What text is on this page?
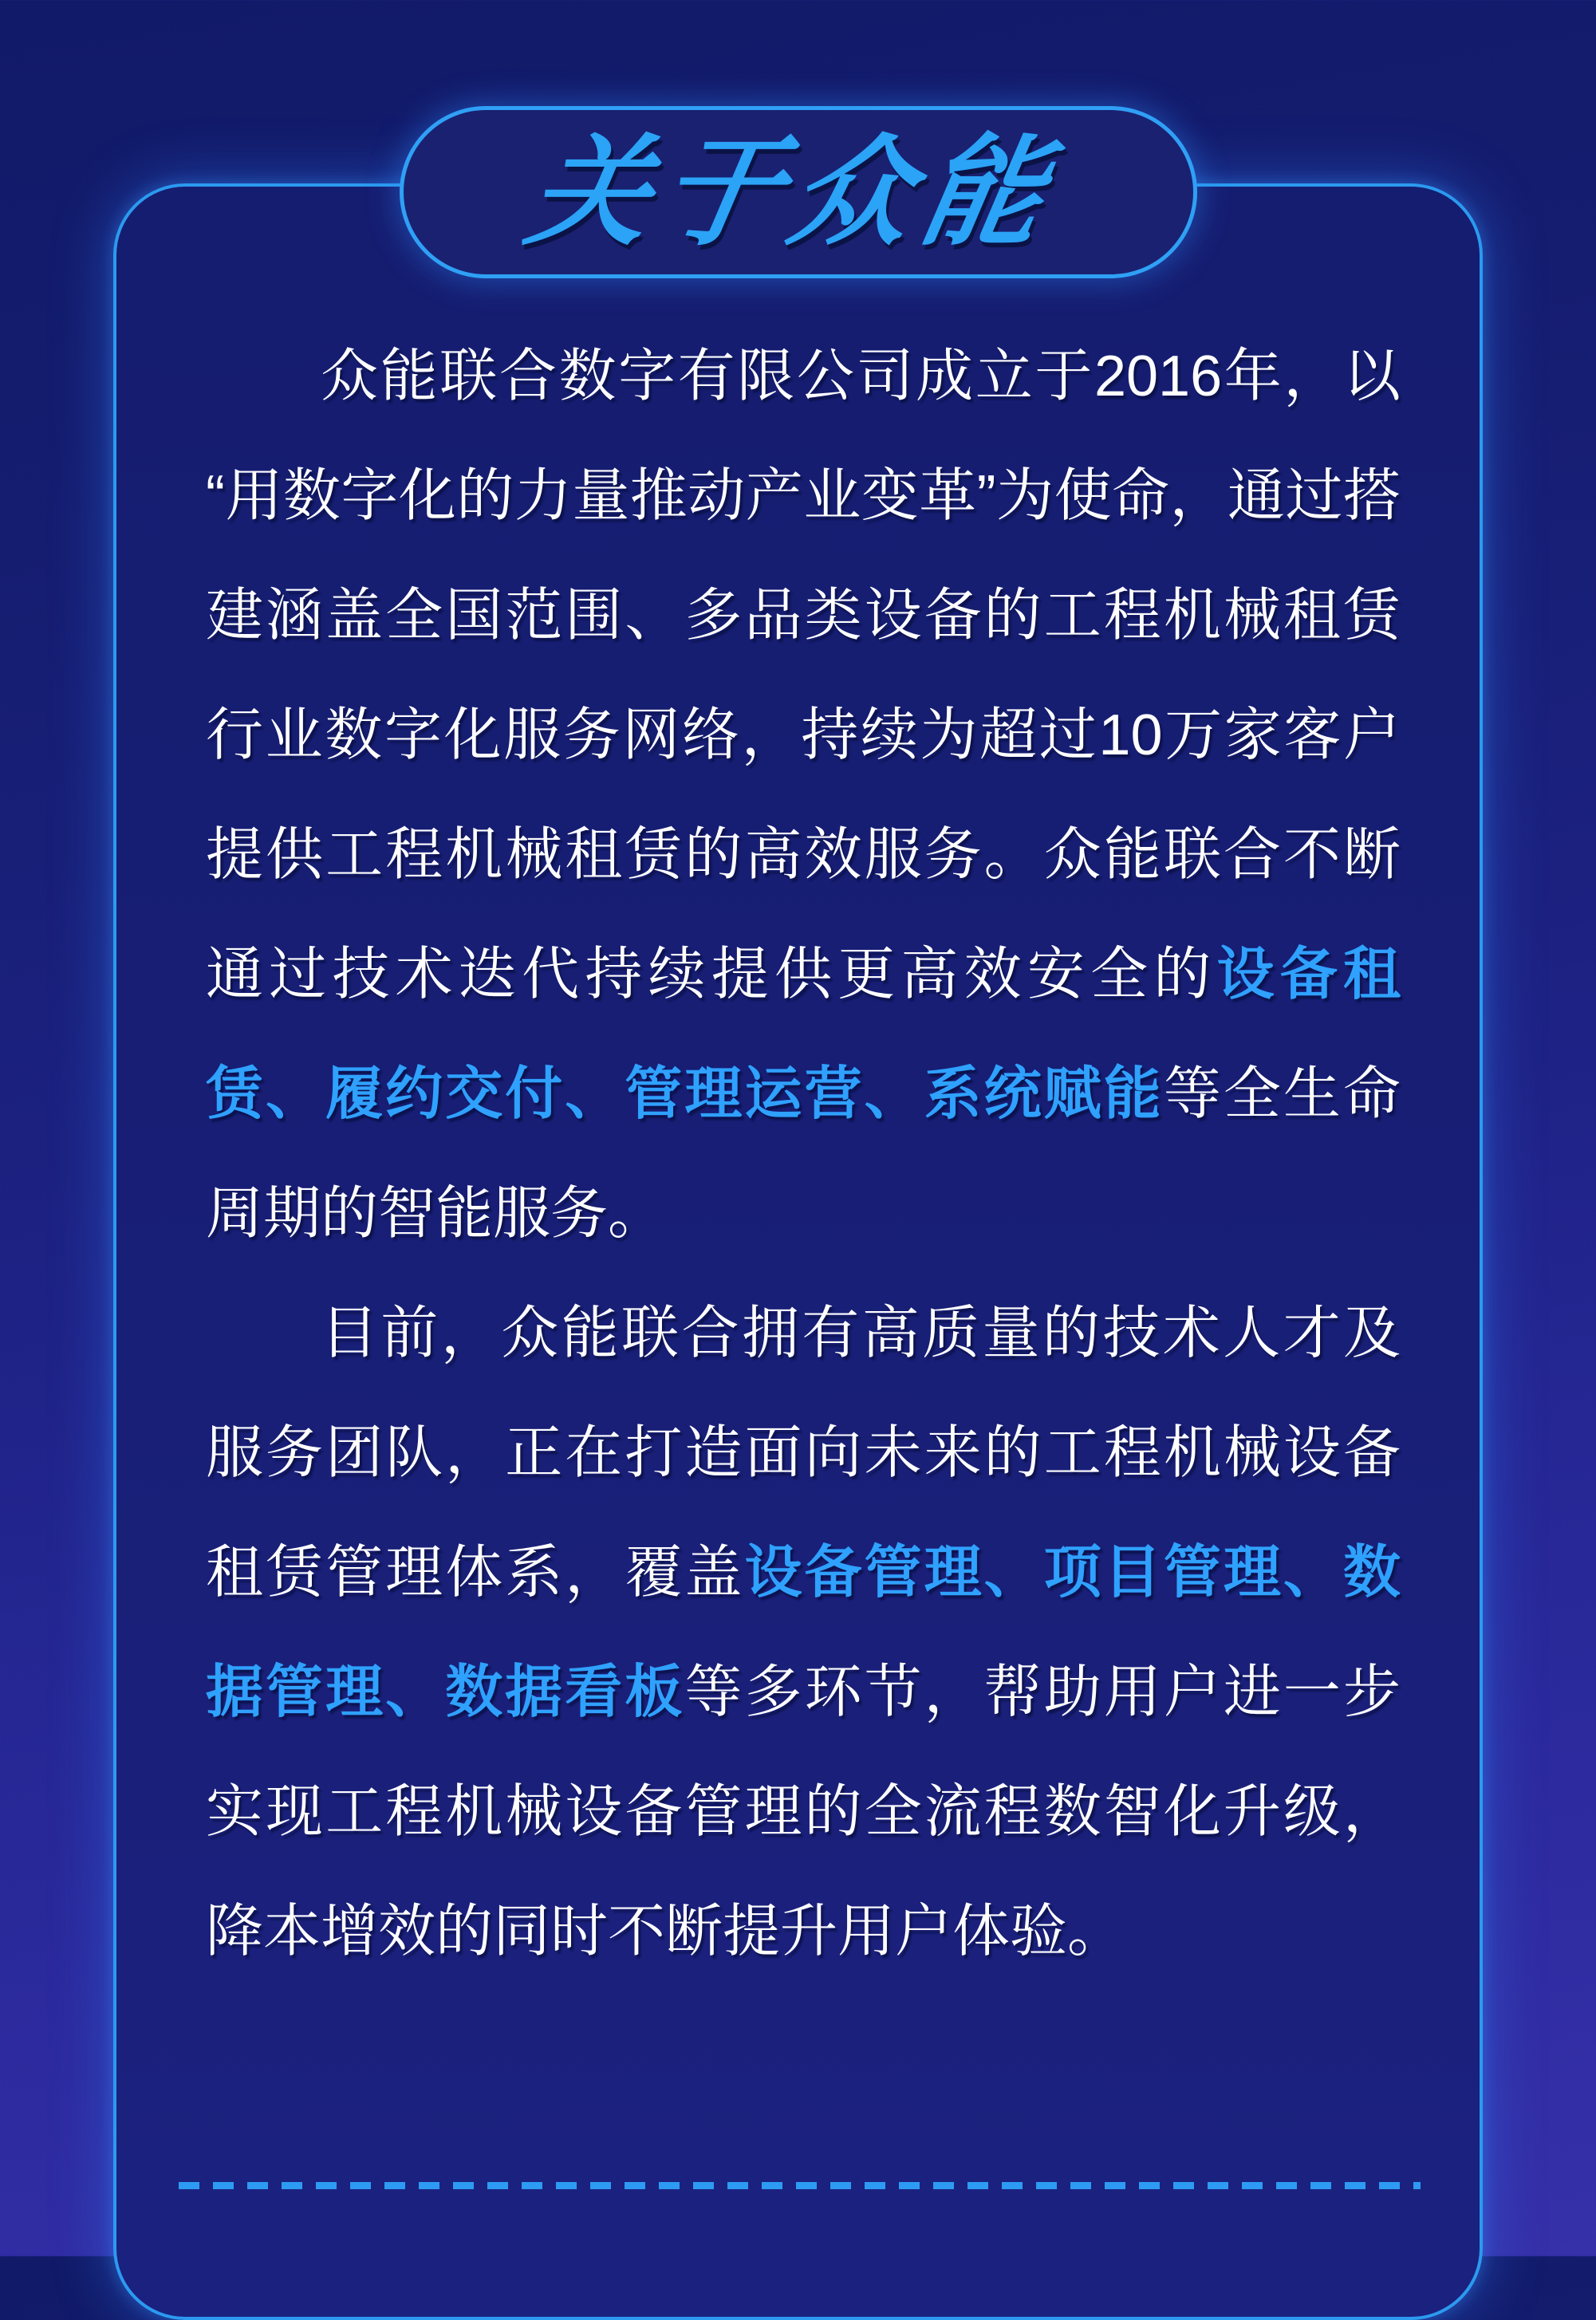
关于众能

众能联合数字有限公司成立于2016年，以“用数字化的力量推动产业变革”为使命，通过搭建涵盖全国范围、多品类设备的工程机械租赁行业数字化服务网络，持续为超过10万家客户提供工程机械租赁的高效服务。众能联合不断通过技术迭代持续提供更高效安全的设备租赁、履约交付、管理运营、系统赋能等全生命周期的智能服务。

目前，众能联合拥有高质量的技术人才及服务团队，正在打造面向未来的工程机械设备租赁管理体系，覆盖设备管理、项目管理、数据管理、数据看板等多环节，帮助用户进一步实现工程机械设备管理的全流程数智化升级，降本增效的同时不断提升用户体验。
